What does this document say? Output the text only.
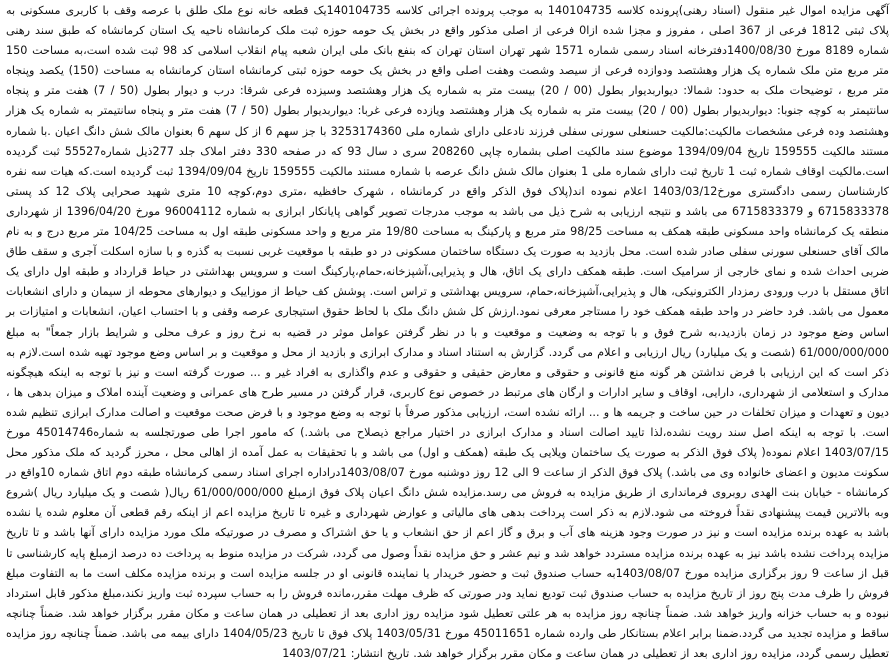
آگهی مزایده اموال غیر منقول (اسناد رهنی)پرونده کلاسه 140104735 به موجب پرونده اجرائی کلاسه 140104735یک قطعه خانه نوع ملک طلق با عرصه وقف با کاربری مسکونی به پلاک ثبتی 1812 فرعی از 367 اصلی ، مفروز و مجزا شده ازا0 فرعی از اصلی مذکور واقع در بخش یک حومه حوزه ثبت ملک کرمانشاه ناحیه یک استان کرمانشاه که طبق سند رهنی شماره 8189 مورخ 1400/08/30دفترخانه اسناد رسمی شماره 1571 شهر تهران استان تهران که بنفع بانک ملی ایران شعبه پیام انقلاب اسلامی کد 98 ثبت شده است،به مساحت 150 متر مربع متن ملک شماره یک هزار وهشتصد ودوازده فرعی از سیصد وشصت وهفت اصلی واقع در بخش یک حومه حوزه ثبتی کرمانشاه استان کرمانشاه به مساحت (150) یکصد وپنجاه متر مربع ، توضیحات ملک به حدود: شمالا: دیواربدیوار بطول (00 / 20) بیست متر به شماره یک هزار وهشتصد وسیزده فرعی شرقا: درب و دیوار بطول (50 / 7) هفت متر و پنجاه سانتیمتر به کوچه جنوبا: دیواربدیوار بطول (00 / 20) بیست متر به شماره یک هزار وهشتصد ویازده فرعی غربا: دیواربدیوار بطول (50 / 7) هفت متر و پنجاه سانتیمتر به شماره یک هزار وهشتصد وده فرعی مشخصات مالکیت:مالکیت حسنعلی سورنی سفلی فرزند نادعلی دارای شماره ملی 3253174360 با جز سهم 6 از کل سهم 6 بعنوان مالک شش دانگ اعیان .با شماره مستند مالکیت 159555 تاریخ 1394/09/04 موضوع سند مالکیت اصلی بشماره چاپی 208260 سری د سال 93 که در صفحه 330 دفتر املاک جلد 277ذیل شماره55527 ثبت گردیده است.مالکیت اوقاف شماره ثبت 1 تاریخ ثبت دارای شماره ملی 1 بعنوان مالک شش دانگ عرصه با شماره مستند مالکیت 159555 تاریخ 1394/09/04 ثبت گردیده است.که هیات سه نفره کارشناسان رسمی دادگستری مورخ1403/03/12 اعلام نموده اند(پلاک فوق الذکر واقع در کرمانشاه ، شهرک حافظیه ،متری دوم،کوچه 10 متری شهید صحرایی پلاک 12 کد پستی 6715833378 و 6715833379 می باشد و نتیجه ارزیابی به شرح ذیل می باشد به موجب مدرجات تصویر گواهی پایانکار ابرازی به شماره 96004112 مورخ 1396/04/20 از شهرداری منطقه یک کرمانشاه واحد مسکونی طبقه همکف به مساحت 98/25 متر مربع و پارکینگ به مساحت 19/80 متر مربع و واحد مسکونی طبقه اول به مساحت 104/25 متر مربع درج و به نام مالک آقای حسنعلی سورنی سفلی صادر شده است. محل بازدید به صورت یک دستگاه ساختمان مسکونی در دو طبقه با موقعیت غربی نسبت به گذره و با سازه اسکلت آجری و سقف طاق ضربی احداث شده و نمای خارجی از سرامیک است. طبقه همکف دارای یک اتاق، هال و پذیرایی،آشپزخانه،حمام،پارکینگ است و سرویس بهداشتی در حیاط قرارداد و طبقه اول دارای یک اتاق مستقل با درب ورودی رمزدار الکترونیکی، هال و پذیرایی،آشپزخانه،حمام، سرویس بهداشتی و تراس است. پوشش کف حیاط از موزاییک و دیوارهای محوطه از سیمان و دارای انشعابات معمول می باشد. فرد حاضر در واحد طبقه همکف خود را مستاجر معرفی نمود.ارزش کل شش دانگ ملک با لحاظ حقوق استیجاری عرصه وقفی و با احتساب اعیان، انشعابات و امتیازات بر اساس وضع موجود در زمان بازدید،به شرح فوق و با توجه به وضعیت و موقعیت و با در نظر گرفتن عوامل موثر در قضیه به نرخ روز و عرف محلی و شرایط بازار جمعاً" به مبلغ 61/000/000/000 (شصت و یک میلیارد) ریال ارزیابی و اعلام می گردد. گزارش به استناد اسناد و مدارک ابرازی و بازدید از محل و موقعیت و بر اساس وضع موجود تهیه شده است.لازم به ذکر است که این ارزیابی با فرض نداشتن هر گونه منع قانونی و حقوقی و معارض حقیقی و حقوقی و عدم واگذاری به افراد غیر و ... صورت گرفته است و نیز با توجه به اینکه هیچگونه مدارک و استعلامی از شهرداری، دارایی، اوقاف و سایر ادارات و ارگان های مرتبط در خصوص نوع کاربری، قرار گرفتن در مسیر طرح های عمرانی و وضعیت آینده املاک و میزان بدهی ها ، دیون و تعهدات و میزان تخلفات در حین ساخت و جریمه ها و ... ارائه نشده است، ارزیابی مذکور صرفاً با توجه به وضع موجود و با فرض صحت موقعیت و اصالت مدارک ابرازی تنظیم شده است. با توجه به اینکه اصل سند رویت نشده،لذا تایید اصالت اسناد و مدارک ابرازی در اختیار مراجع ذیصلاح می باشد.) که مامور اجرا طی صورتجلسه به شماره45014746 مورخ 1403/07/15 اعلام نموده( پلاک فوق الذکر به صورت یک ساختمان ویلایی یک طبقه (همکف و اول) می باشد و با تحقیقات به عمل آمده از اهالی محل ، محرز گردید که ملک مذکور محل سکونت مدیون و اعضای خانواده وی می باشد.) پلاک فوق الذکر از ساعت 9 الی 12 روز دوشنبه مورخ 1403/08/07دراداره اجرای اسناد رسمی کرمانشاه طبقه دوم اتاق شماره 10واقع در کرمانشاه - خیابان بنت الهدی روبروی فرمانداری از طریق مزایده به فروش می رسد.مزایده شش دانگ اعیان پلاک فوق ازمبلغ 61/000/000/000 ریال( شصت و یک میلیارد ریال )شروع وبه بالاترین قیمت پیشنهادی نقداً فروخته می شود.لازم به ذکر است پرداخت بدهی های مالیاتی و عوارض شهرداری و غیره تا تاریخ مزایده اعم از اینکه رقم قطعی آن معلوم شده یا نشده باشد به عهده برنده مزایده است و نیز در صورت وجود هزینه های آب و برق و گاز اعم از حق انشعاب و یا حق اشتراک و مصرف در صورتیکه ملک مورد مزایده دارای آنها باشد و تا تاریخ مزایده پرداخت نشده باشد نیز به عهده برنده مزایده مستردد خواهد شد و نیم عشر و حق مزایده نقداً وصول می گردد، شرکت در مزایده منوط به پرداخت ده درصد ازمبلغ پایه کارشناسی تا قبل از ساعت 9 روز برگزاری مزایده مورخ 1403/08/07به حساب صندوق ثبت و حضور خریدار یا نماینده قانونی او در جلسه مزایده است و برنده مزایده مکلف است ما به التفاوت مبلغ فروش را ظرف مدت پنج روز از تاریخ مزایده به حساب صندوق ثبت تودیع نماید ودر صورتی که ظرف مهلت مقرر،مانده فروش را به حساب سپرده ثبت واریز نکند،مبلغ مذکور قابل استرداد نبوده و به حساب خزانه واریز خواهد شد. ضمناً چنانچه روز مزایده به هر علتی تعطیل شود مزایده روز اداری بعد از تعطیلی در همان ساعت و مکان مقرر برگزار خواهد شد. ضمناً چنانچه ساقط و مزایده تجدید می گردد.ضمنا برابر اعلام بستانکار طی وارده شماره 45011651 مورخ 1403/05/31 پلاک فوق تا تاریخ 1404/05/23 دارای بیمه می باشد. ضمناً چنانچه روز مزایده تعطیل رسمی گردد، مزایده روز اداری بعد از تعطیلی در همان ساعت و مکان مقرر برگزار خواهد شد. تاریخ انتشار: 1403/07/21
